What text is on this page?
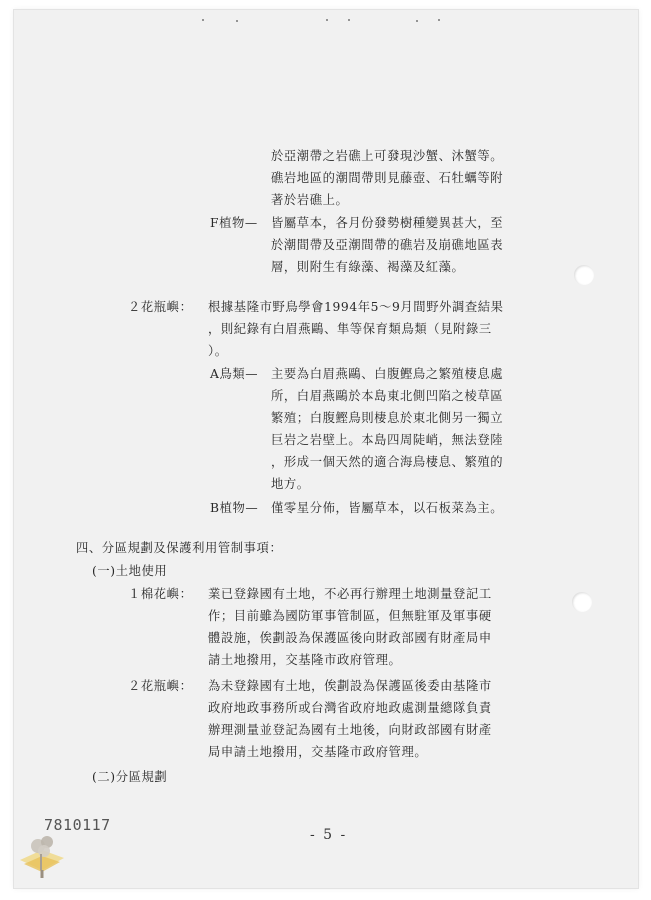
於亞潮帶之岩礁上可發現沙蟹、沐蟹等。
礁岩地區的潮間帶則見藤壺、石牡蠣等附
著於岩礁上。
F植物— 皆屬草本，各月份發勢樹種變異甚大，至
於潮間帶及亞潮間帶的礁岩及崩礁地區表
層，則附生有綠藻、褐藻及紅藻。
２花瓶嶼： 根據基隆市野鳥學會1994年5～9月間野外調查結果
，則紀錄有白眉燕鷗、隼等保育類鳥類（見附錄三
）。
A鳥類— 主要為白眉燕鷗、白腹鰹鳥之繁殖棲息處
所，白眉燕鷗於本島東北側凹陷之棱草區
繁殖；白腹鰹鳥則棲息於東北側另一獨立
巨岩之岩壁上。本島四周陡峭，無法登陸
，形成一個天然的適合海鳥棲息、繁殖的
地方。
B植物— 僅零星分佈，皆屬草本，以石板菜為主。
四、分區規劃及保護利用管制事項：
(一)土地使用
１棉花嶼： 業已登錄國有土地，不必再行辦理土地測量登記工
作；目前雖為國防軍事管制區，但無駐軍及軍事硬
體設施，俟劃設為保護區後向財政部國有財產局申
請土地撥用，交基隆市政府管理。
２花瓶嶼： 為未登錄國有土地，俟劃設為保護區後委由基隆市
政府地政事務所或台灣省政府地政處測量總隊負責
辦理測量並登記為國有土地後，向財政部國有財產
局申請土地撥用，交基隆市政府管理。
(二)分區規劃
- 5 -
7810117
